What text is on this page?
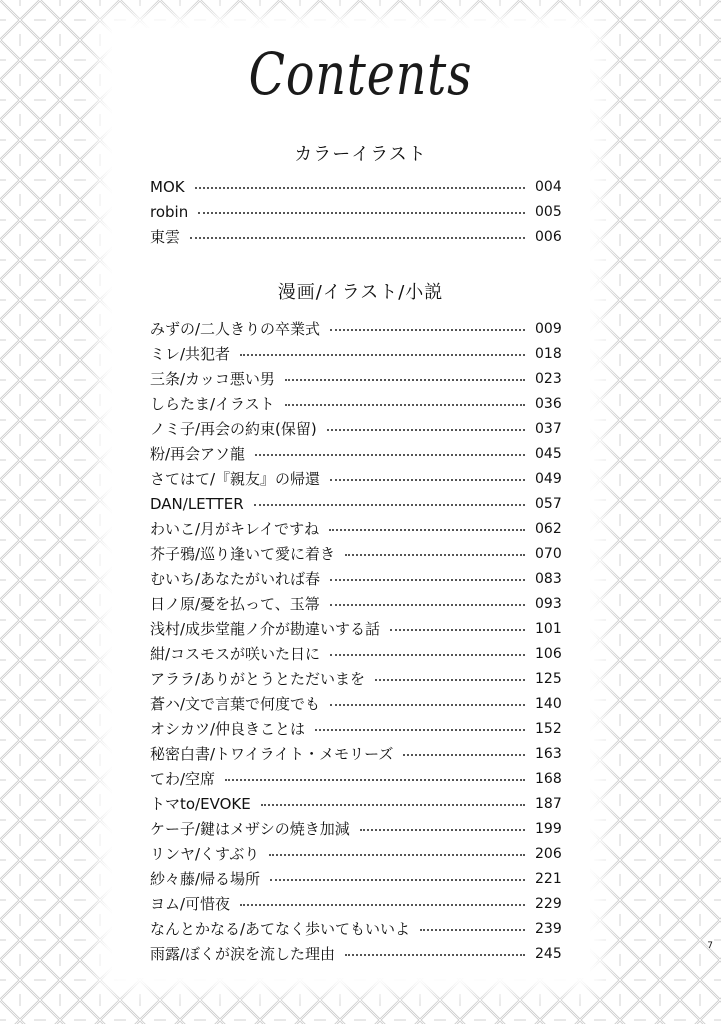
Contents
カラーイラスト
MOK	004
robin	005
東雲	006
漫画/イラスト/小説
みずの/二人きりの卒業式	009
ミレ/共犯者	018
三条/カッコ悪い男	023
しらたま/イラスト	036
ノミ子/再会の約束(保留)	037
粉/再会アソ龍	045
さてはて/『親友』の帰還	049
DAN/LETTER	057
わいこ/月がキレイですね	062
芥子鴉/巡り逢いて愛に着き	070
むいち/あなたがいれば春	083
日ノ原/憂を払って、玉箒	093
浅村/成歩堂龍ノ介が勘違いする話	101
紺/コスモスが咲いた日に	106
アララ/ありがとうとただいまを	125
蒼ハ/文で言葉で何度でも	140
オシカツ/仲良きことは	152
秘密白書/トワイライト・メモリーズ	163
てわ/空席	168
トマto/EVOKE	187
ケー子/鍵はメザシの焼き加減	199
リンヤ/くすぶり	206
紗々藤/帰る場所	221
ヨム/可惜夜	229
なんとかなる/あてなく歩いてもいいよ	239
雨露/ぼくが涙を流した理由	245	7
